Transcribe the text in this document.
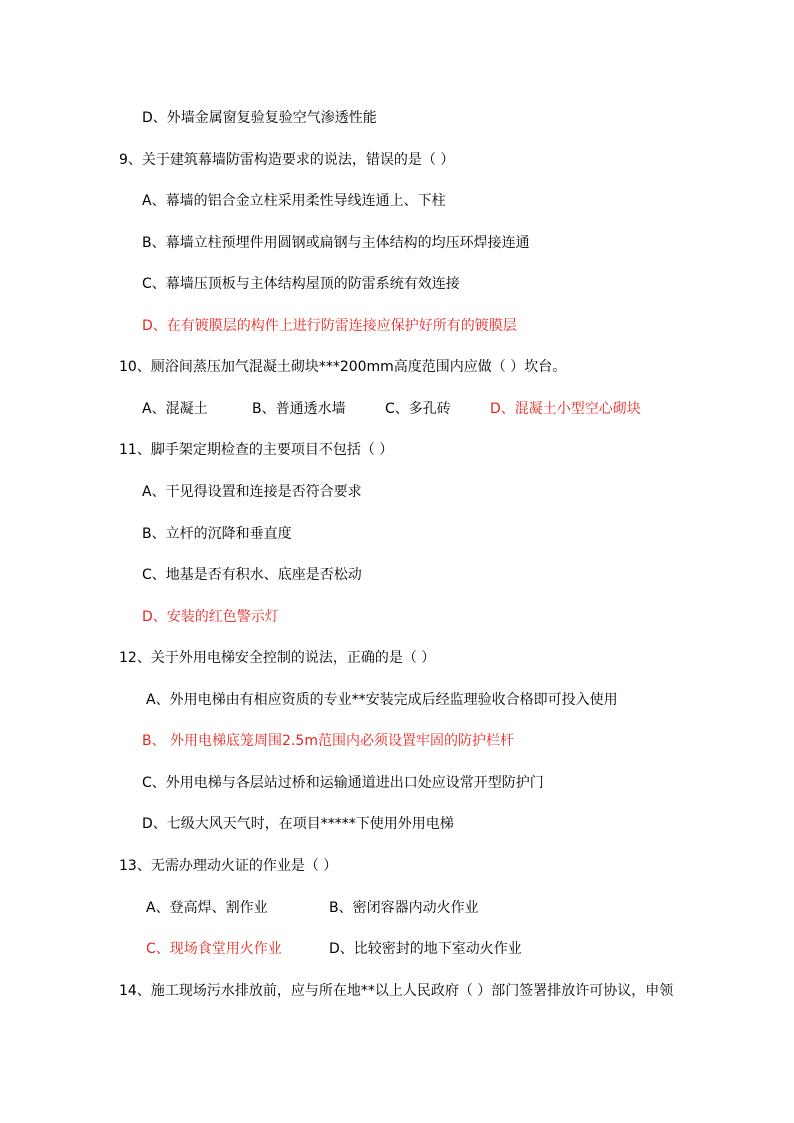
D、外墙金属窗复验复验空气渗透性能
9、关于建筑幕墙防雷构造要求的说法，错误的是（ ）
A、幕墙的铝合金立柱采用柔性导线连通上、下柱
B、幕墙立柱预埋件用圆钢或扁钢与主体结构的均压环焊接连通
C、幕墙压顶板与主体结构屋顶的防雷系统有效连接
D、在有镀膜层的构件上进行防雷连接应保护好所有的镀膜层
10、厕浴间蒸压加气混凝土砌块***200mm高度范围内应做（ ）坎台。
A、混凝土	B、普通透水墙	C、多孔砖	D、混凝土小型空心砌块
11、脚手架定期检查的主要项目不包括（ ）
A、干见得设置和连接是否符合要求
B、立杆的沉降和垂直度
C、地基是否有积水、底座是否松动
D、安装的红色警示灯
12、关于外用电梯安全控制的说法，正确的是（ ）
A、外用电梯由有相应资质的专业**安装完成后经监理验收合格即可投入使用
B、 外用电梯底笼周围2.5m范围内必须设置牢固的防护栏杆
C、外用电梯与各层站过桥和运输通道进出口处应设常开型防护门
D、七级大风天气时，在项目*****下使用外用电梯
13、无需办理动火证的作业是（ ）
A、登高焊、割作业	B、密闭容器内动火作业
C、现场食堂用火作业	D、比较密封的地下室动火作业
14、施工现场污水排放前，应与所在地**以上人民政府（ ）部门签署排放许可协议，申领
